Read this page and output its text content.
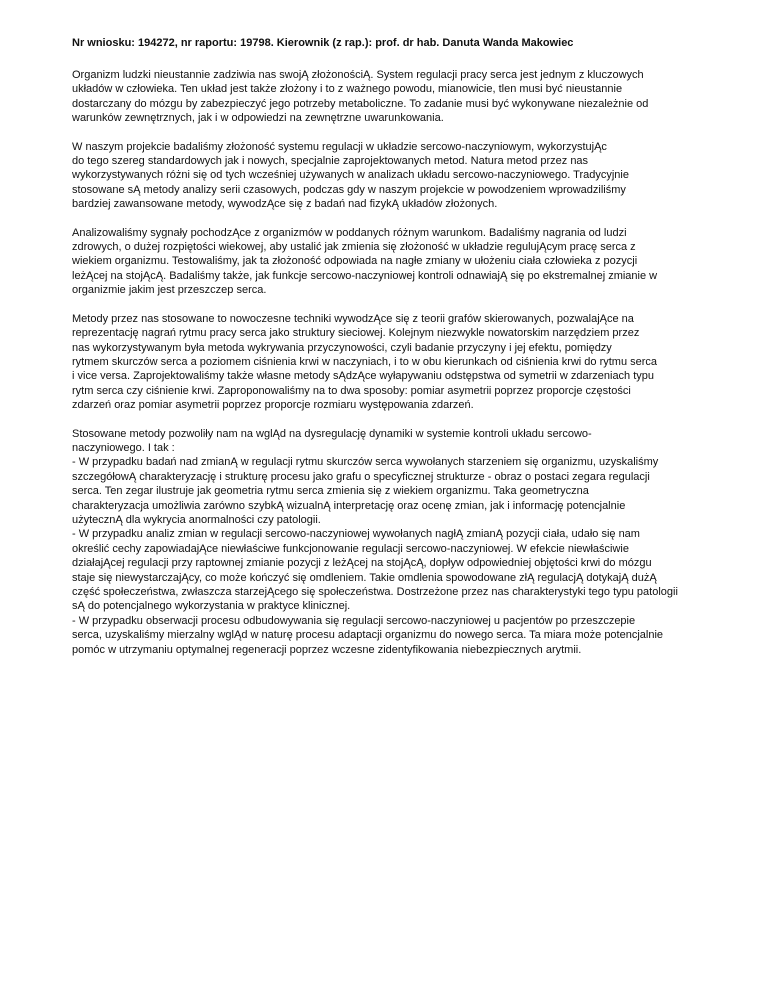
Nr wniosku: 194272, nr raportu: 19798. Kierownik (z rap.): prof. dr hab. Danuta Wanda Makowiec
Organizm ludzki nieustannie zadziwia nas swojĄ złożonościĄ. System regulacji pracy serca jest jednym z kluczowych
układów w człowieka. Ten układ jest także złożony i to z ważnego powodu, mianowicie, tlen musi być nieustannie
dostarczany do mózgu by zabezpieczyć jego potrzeby metaboliczne. To zadanie musi być wykonywane niezależnie od
warunków zewnętrznych, jak i w odpowiedzi na zewnętrzne uwarunkowania.
W naszym projekcie badaliśmy złożoność systemu regulacji w układzie sercowo-naczyniowym, wykorzystujĄc
do tego szereg standardowych jak i nowych, specjalnie zaprojektowanych metod. Natura metod przez nas
wykorzystywanych różni się od tych wcześniej używanych w analizach układu sercowo-naczyniowego. Tradycyjnie
stosowane sĄ metody analizy serii czasowych, podczas gdy w naszym projekcie w powodzeniem wprowadziliśmy
bardziej zawansowane metody, wywodzĄce się z badań nad fizykĄ układów złożonych.
Analizowaliśmy sygnały pochodzĄce z organizmów w poddanych różnym warunkom. Badaliśmy nagrania od ludzi
zdrowych, o dużej rozpiętości wiekowej, aby ustalić jak zmienia się złożoność w układzie regulujĄcym pracę serca z
wiekiem organizmu. Testowaliśmy, jak ta złożoność odpowiada na nagłe zmiany w ułożeniu ciała człowieka z pozycji
leżĄcej na stojĄcĄ. Badaliśmy także, jak funkcje sercowo-naczyniowej kontroli odnawiajĄ się po ekstremalnej zmianie w
organizmie jakim jest przeszczep serca.
Metody przez nas stosowane to nowoczesne techniki wywodzĄce się z teorii grafów skierowanych, pozwalajĄce na
reprezentację nagrań rytmu pracy serca jako struktury sieciowej. Kolejnym niezwykle nowatorskim narzędziem przez
nas wykorzystywanym była metoda wykrywania przyczynowości, czyli badanie przyczyny i jej efektu, pomiędzy
rytmem skurczów serca a poziomem ciśnienia krwi w naczyniach, i to w obu kierunkach od ciśnienia krwi do rytmu serca
i vice versa. Zaprojektowaliśmy także własne metody sĄdzĄce wyłapywaniu odstępstwa od symetrii w zdarzeniach typu
rytm serca czy ciśnienie krwi. Zaproponowaliśmy na to dwa sposoby: pomiar asymetrii poprzez proporcje częstości
zdarzeń oraz pomiar asymetrii poprzez proporcje rozmiaru występowania zdarzeń.
Stosowane metody pozwoliły nam na wglĄd na dysregulację dynamiki w systemie kontroli układu sercowo-
naczyniowego. I tak :
- W przypadku badań nad zmianĄ w regulacji rytmu skurczów serca wywołanych starzeniem się organizmu, uzyskaliśmy
szczegółowĄ charakteryzację i strukturę procesu jako grafu o specyficznej strukturze - obraz o postaci zegara regulacji
serca. Ten zegar ilustruje jak geometria rytmu serca zmienia się z wiekiem organizmu. Taka geometryczna
charakteryzacja umożliwia zarówno szybkĄ wizualnĄ interpretację oraz ocenę zmian, jak i informację potencjalnie
użytecznĄ dla wykrycia anormalności czy patologii.
- W przypadku analiz zmian w regulacji sercowo-naczyniowej wywołanych nagłĄ zmianĄ pozycji ciała, udało się nam
określić cechy zapowiadajĄce niewłaściwe funkcjonowanie regulacji sercowo-naczyniowej. W efekcie niewłaściwie
działajĄcej regulacji przy raptownej zmianie pozycji z leżĄcej na stojĄcĄ, dopływ odpowiedniej objętości krwi do mózgu
staje się niewystarczajĄcy, co może kończyć się omdleniem. Takie omdlenia spowodowane złĄ regulacjĄ dotykajĄ dużĄ
część społeczeństwa, zwłaszcza starzejĄcego się społeczeństwa. Dostrzeżone przez nas charakterystyki tego typu patologii
sĄ do potencjalnego wykorzystania w praktyce klinicznej.
- W przypadku obserwacji procesu odbudowywania się regulacji sercowo-naczyniowej u pacjentów po przeszczepie
serca, uzyskaliśmy mierzalny wglĄd w naturę procesu adaptacji organizmu do nowego serca. Ta miara może potencjalnie
pomóc w utrzymaniu optymalnej regeneracji poprzez wczesne zidentyfikowania niebezpiecznych arytmii.
